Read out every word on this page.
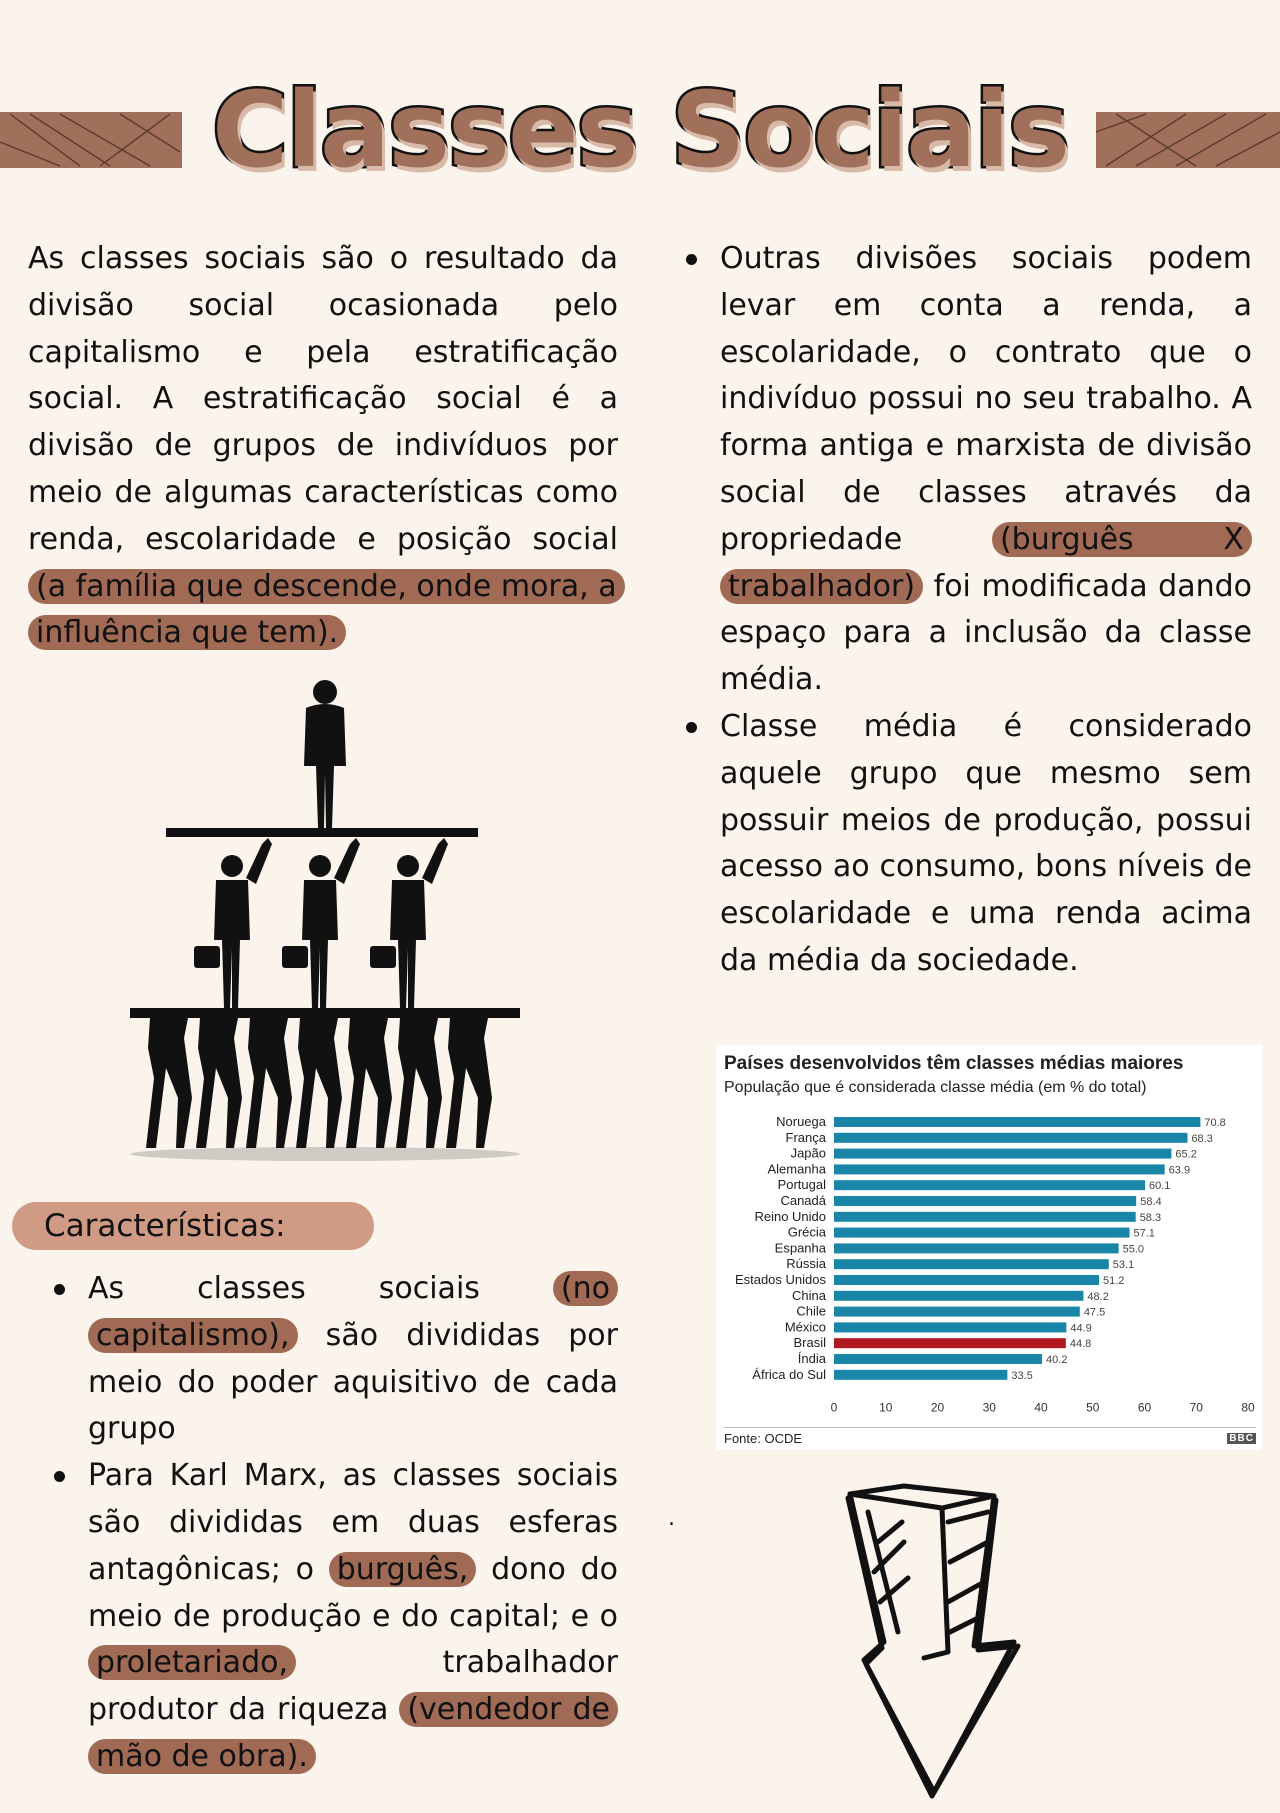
Classes Sociais

As classes sociais são o resultado da divisão social ocasionada pelo capitalismo e pela estratificação social. A estratificação social é a divisão de grupos de indivíduos por meio de algumas características como renda, escolaridade e posição social (a família que descende, onde mora, a influência que tem).

Outras divisões sociais podem levar em conta a renda, a escolaridade, o contrato que o indivíduo possui no seu trabalho. A forma antiga e marxista de divisão social de classes através da propriedade (burguês X trabalhador) foi modificada dando espaço para a inclusão da classe média.
Classe média é considerado aquele grupo que mesmo sem possuir meios de produção, possui acesso ao consumo, bons níveis de escolaridade e uma renda acima da média da sociedade.
Características:
As classes sociais (no capitalismo), são divididas por meio do poder aquisitivo de cada grupo
Para Karl Marx, as classes sociais são divididas em duas esferas antagônicas; o burguês, dono do meio de produção e do capital; e o proletariado, trabalhador produtor da riqueza (vendedor de mão de obra).
.
Países desenvolvidos têm classes médias maiores
População que é considerada classe média (em % do total)
Noruega	70.8
França	68.3
Japão	65.2
Alemanha	63.9
Portugal	60.1
Canadá	58.4
Reino Unido	58.3
Grécia	57.1
Espanha	55.0
Rússia	53.1
Estados Unidos	51.2
China	48.2
Chile	47.5
México	44.9
Brasil	44.8
Índia	40.2
África do Sul	33.5
0	10	20	30	40	50	60	70	80
Fonte: OCDE	BBC
